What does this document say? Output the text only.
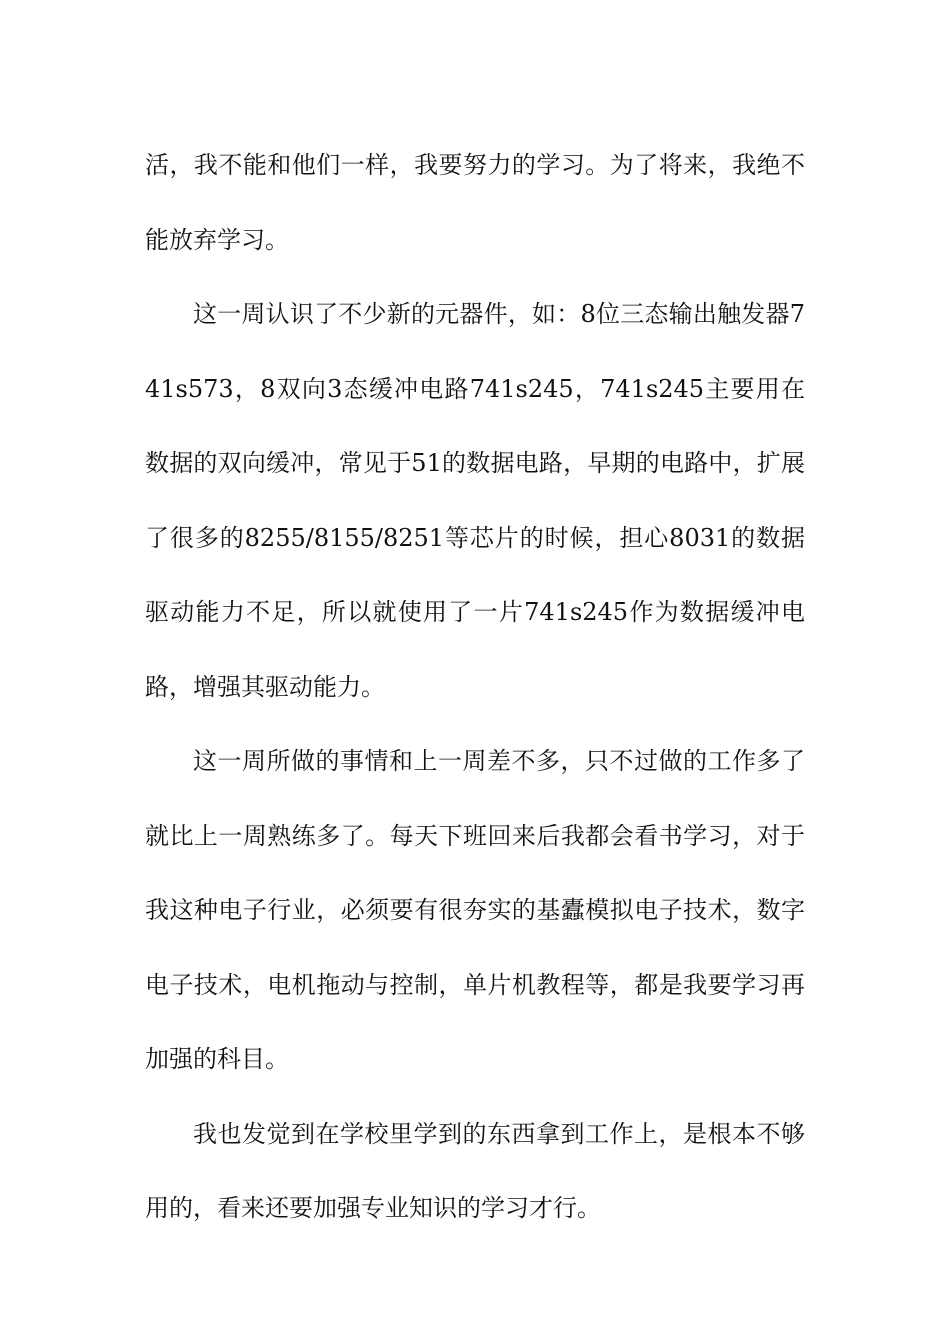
活，我不能和他们一样，我要努力的学习。为了将来，我绝不能放弃学习。

这一周认识了不少新的元器件，如：8位三态输出触发器741s573，8双向3态缓冲电路741s245，741s245主要用在数据的双向缓冲，常见于51的数据电路，早期的电路中，扩展了很多的8255/8155/8251等芯片的时候，担心8031的数据驱动能力不足，所以就使用了一片741s245作为数据缓冲电路，增强其驱动能力。

这一周所做的事情和上一周差不多，只不过做的工作多了就比上一周熟练多了。每天下班回来后我都会看书学习，对于我这种电子行业，必须要有很夯实的基蠹模拟电子技术，数字电子技术，电机拖动与控制，单片机教程等，都是我要学习再加强的科目。

我也发觉到在学校里学到的东西拿到工作上，是根本不够用的，看来还要加强专业知识的学习才行。
